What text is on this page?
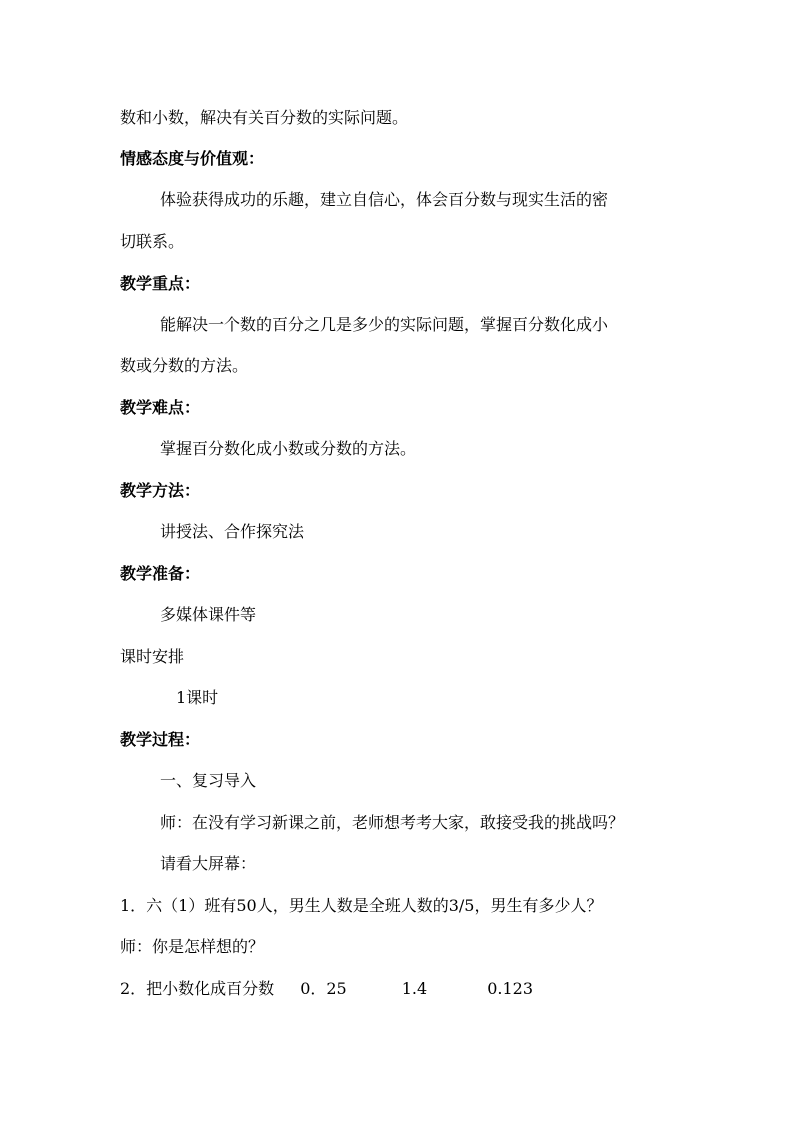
数和小数，解决有关百分数的实际问题。
情感态度与价值观：
体验获得成功的乐趣，建立自信心，体会百分数与现实生活的密
切联系。
教学重点：
能解决一个数的百分之几是多少的实际问题，掌握百分数化成小
数或分数的方法。
教学难点：
掌握百分数化成小数或分数的方法。
教学方法：
讲授法、合作探究法
教学准备：
多媒体课件等
课时安排
1课时
教学过程：
一、复习导入
师：在没有学习新课之前，老师想考考大家，敢接受我的挑战吗？
请看大屏幕：
1．六（1）班有50人，男生人数是全班人数的3/5，男生有多少人？
师：你是怎样想的？
2．把小数化成百分数 0．25	1.4	0.123
